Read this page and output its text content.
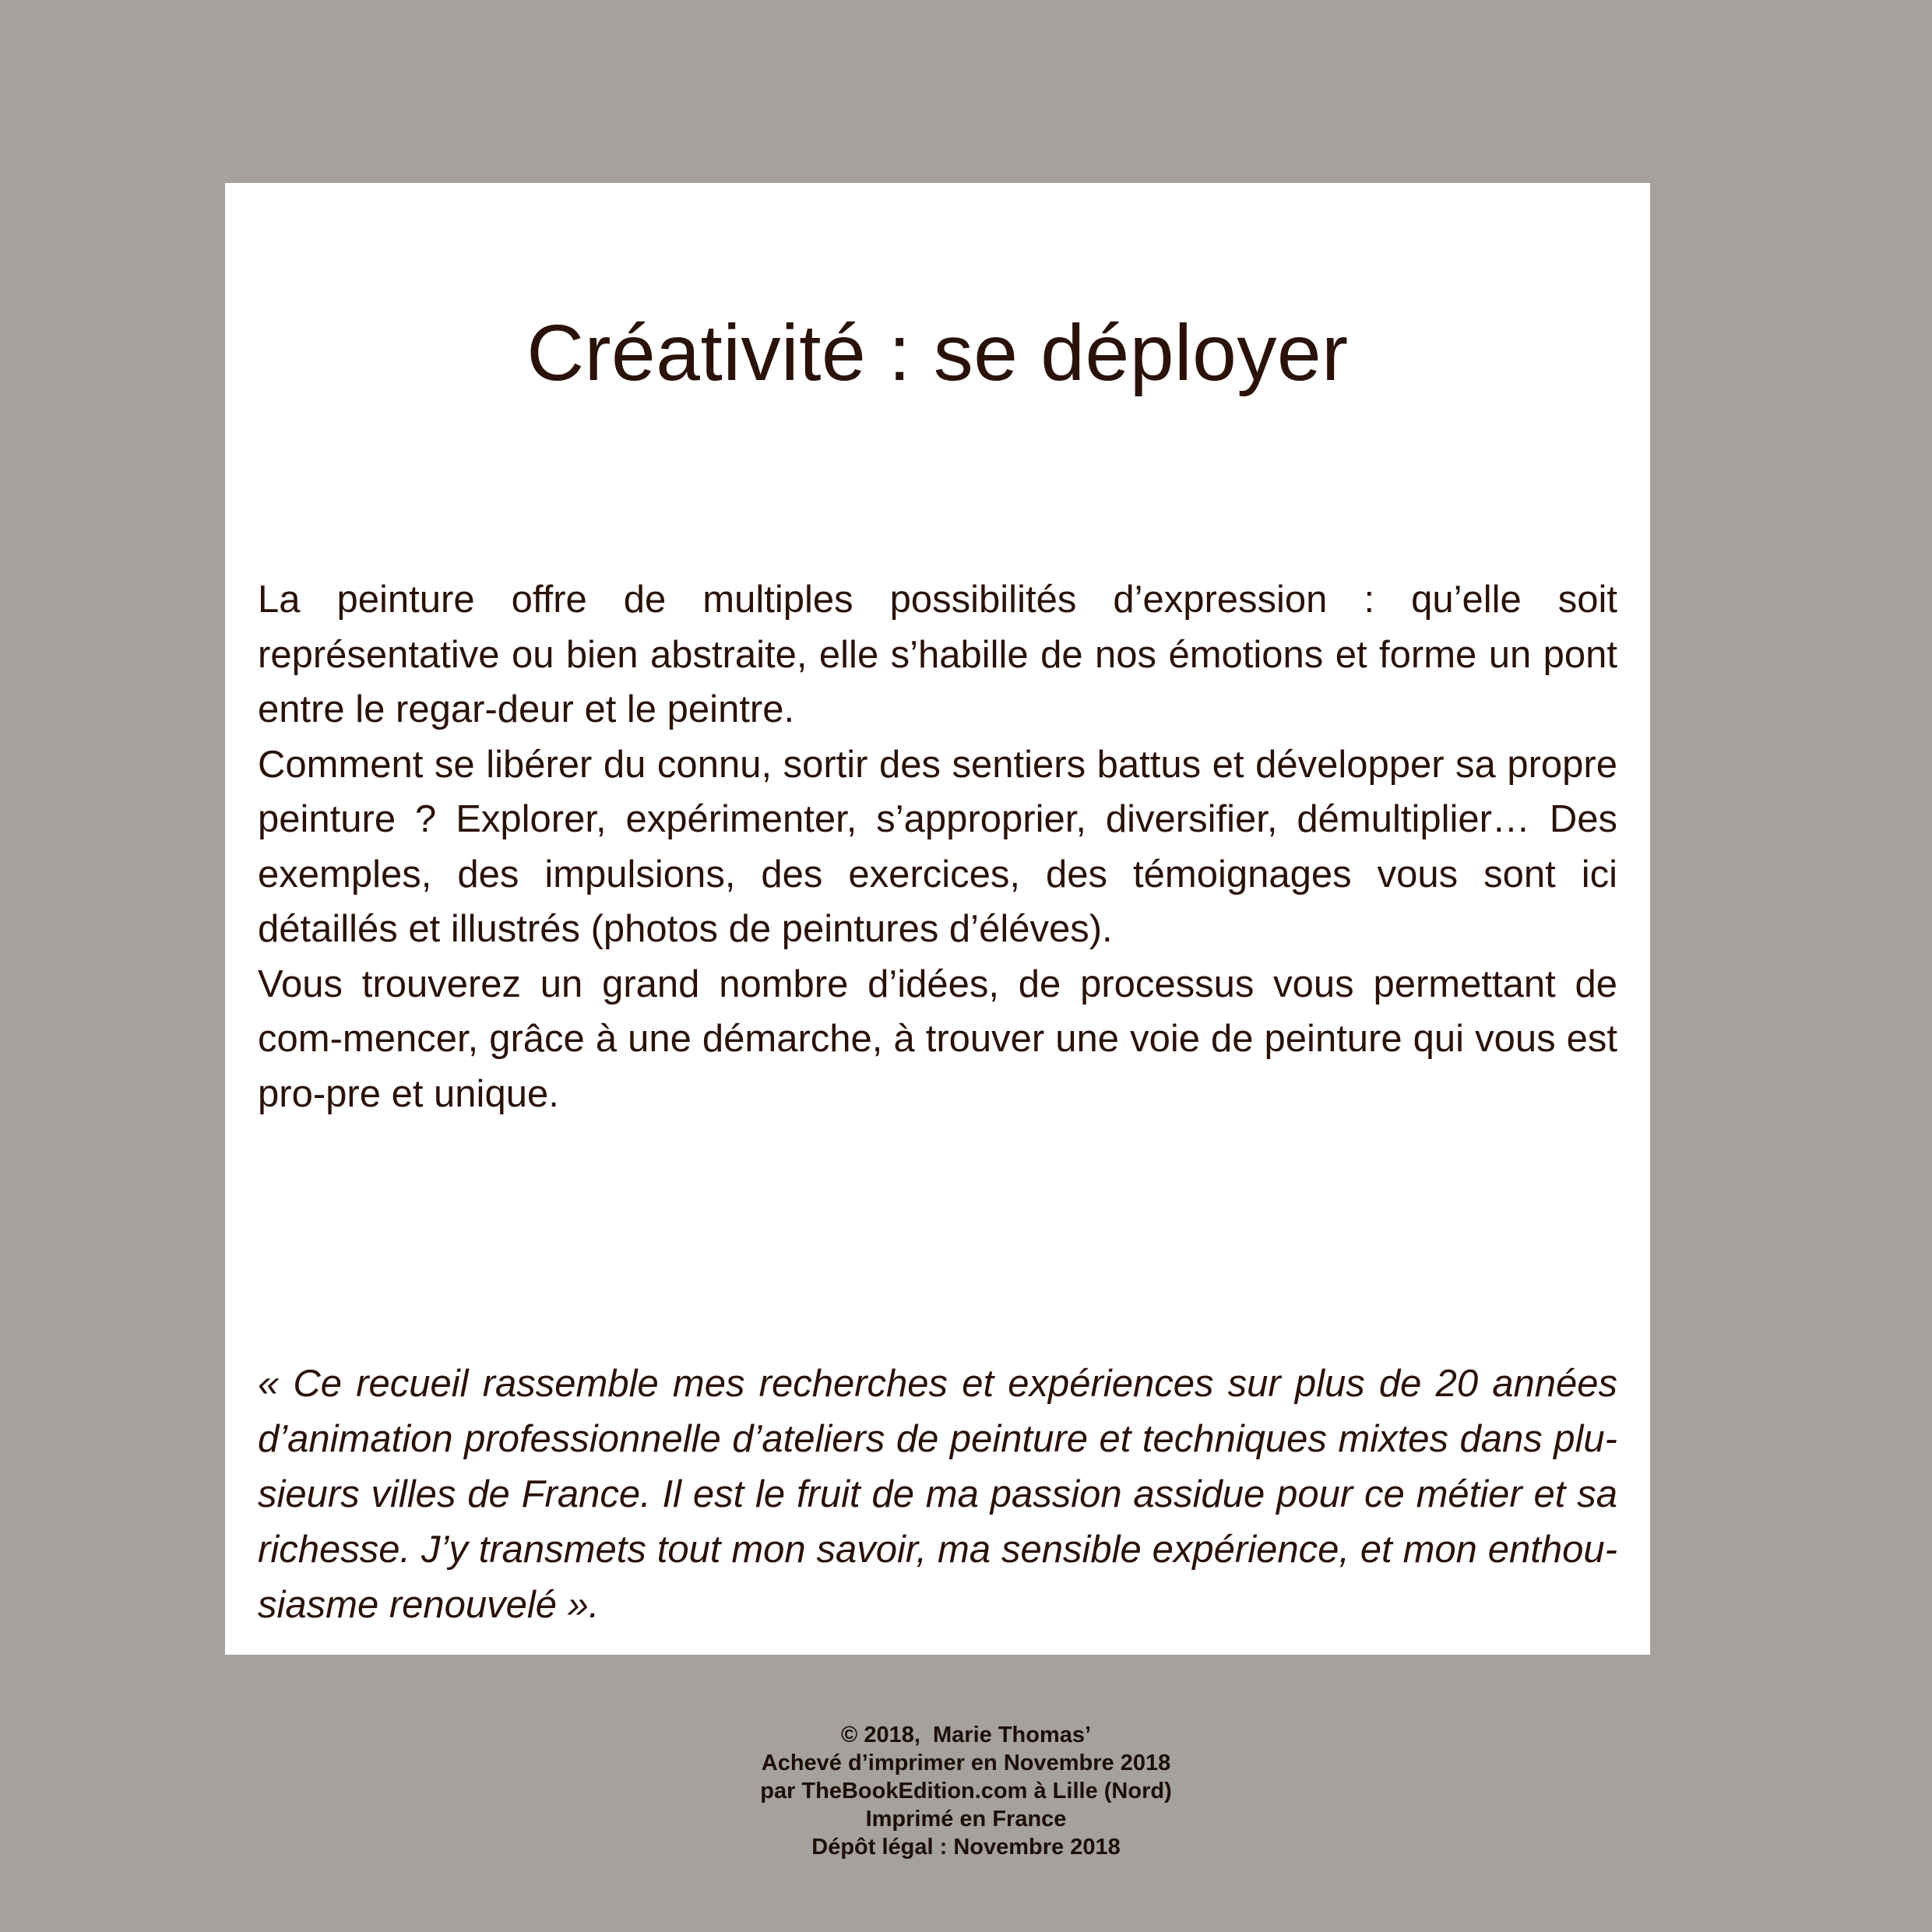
Créativité : se déployer

La peinture offre de multiples possibilités d’expression : qu’elle soit représentative ou bien abstraite, elle s’habille de nos émotions et forme un pont entre le regar-deur et le peintre.

Comment se libérer du connu, sortir des sentiers battus et développer sa propre peinture ? Explorer, expérimenter, s’approprier, diversifier, démultiplier… Des exemples, des impulsions, des exercices, des témoignages vous sont ici détaillés et illustrés (photos de peintures d’éléves).

Vous trouverez un grand nombre d’idées, de processus vous permettant de com-mencer, grâce à une démarche, à trouver une voie de peinture qui vous est pro-pre et unique.

« Ce recueil rassemble mes recherches et expériences sur plus de 20 années d’animation professionnelle d’ateliers de peinture et techniques mixtes dans plu-sieurs villes de France. Il est le fruit de ma passion assidue pour ce métier et sa richesse. J’y transmets tout mon savoir, ma sensible expérience, et mon enthou-siasme renouvelé ».

© 2018,  Marie Thomas’
Achevé d’imprimer en Novembre 2018
par TheBookEdition.com à Lille (Nord)
Imprimé en France
Dépôt légal : Novembre 2018
